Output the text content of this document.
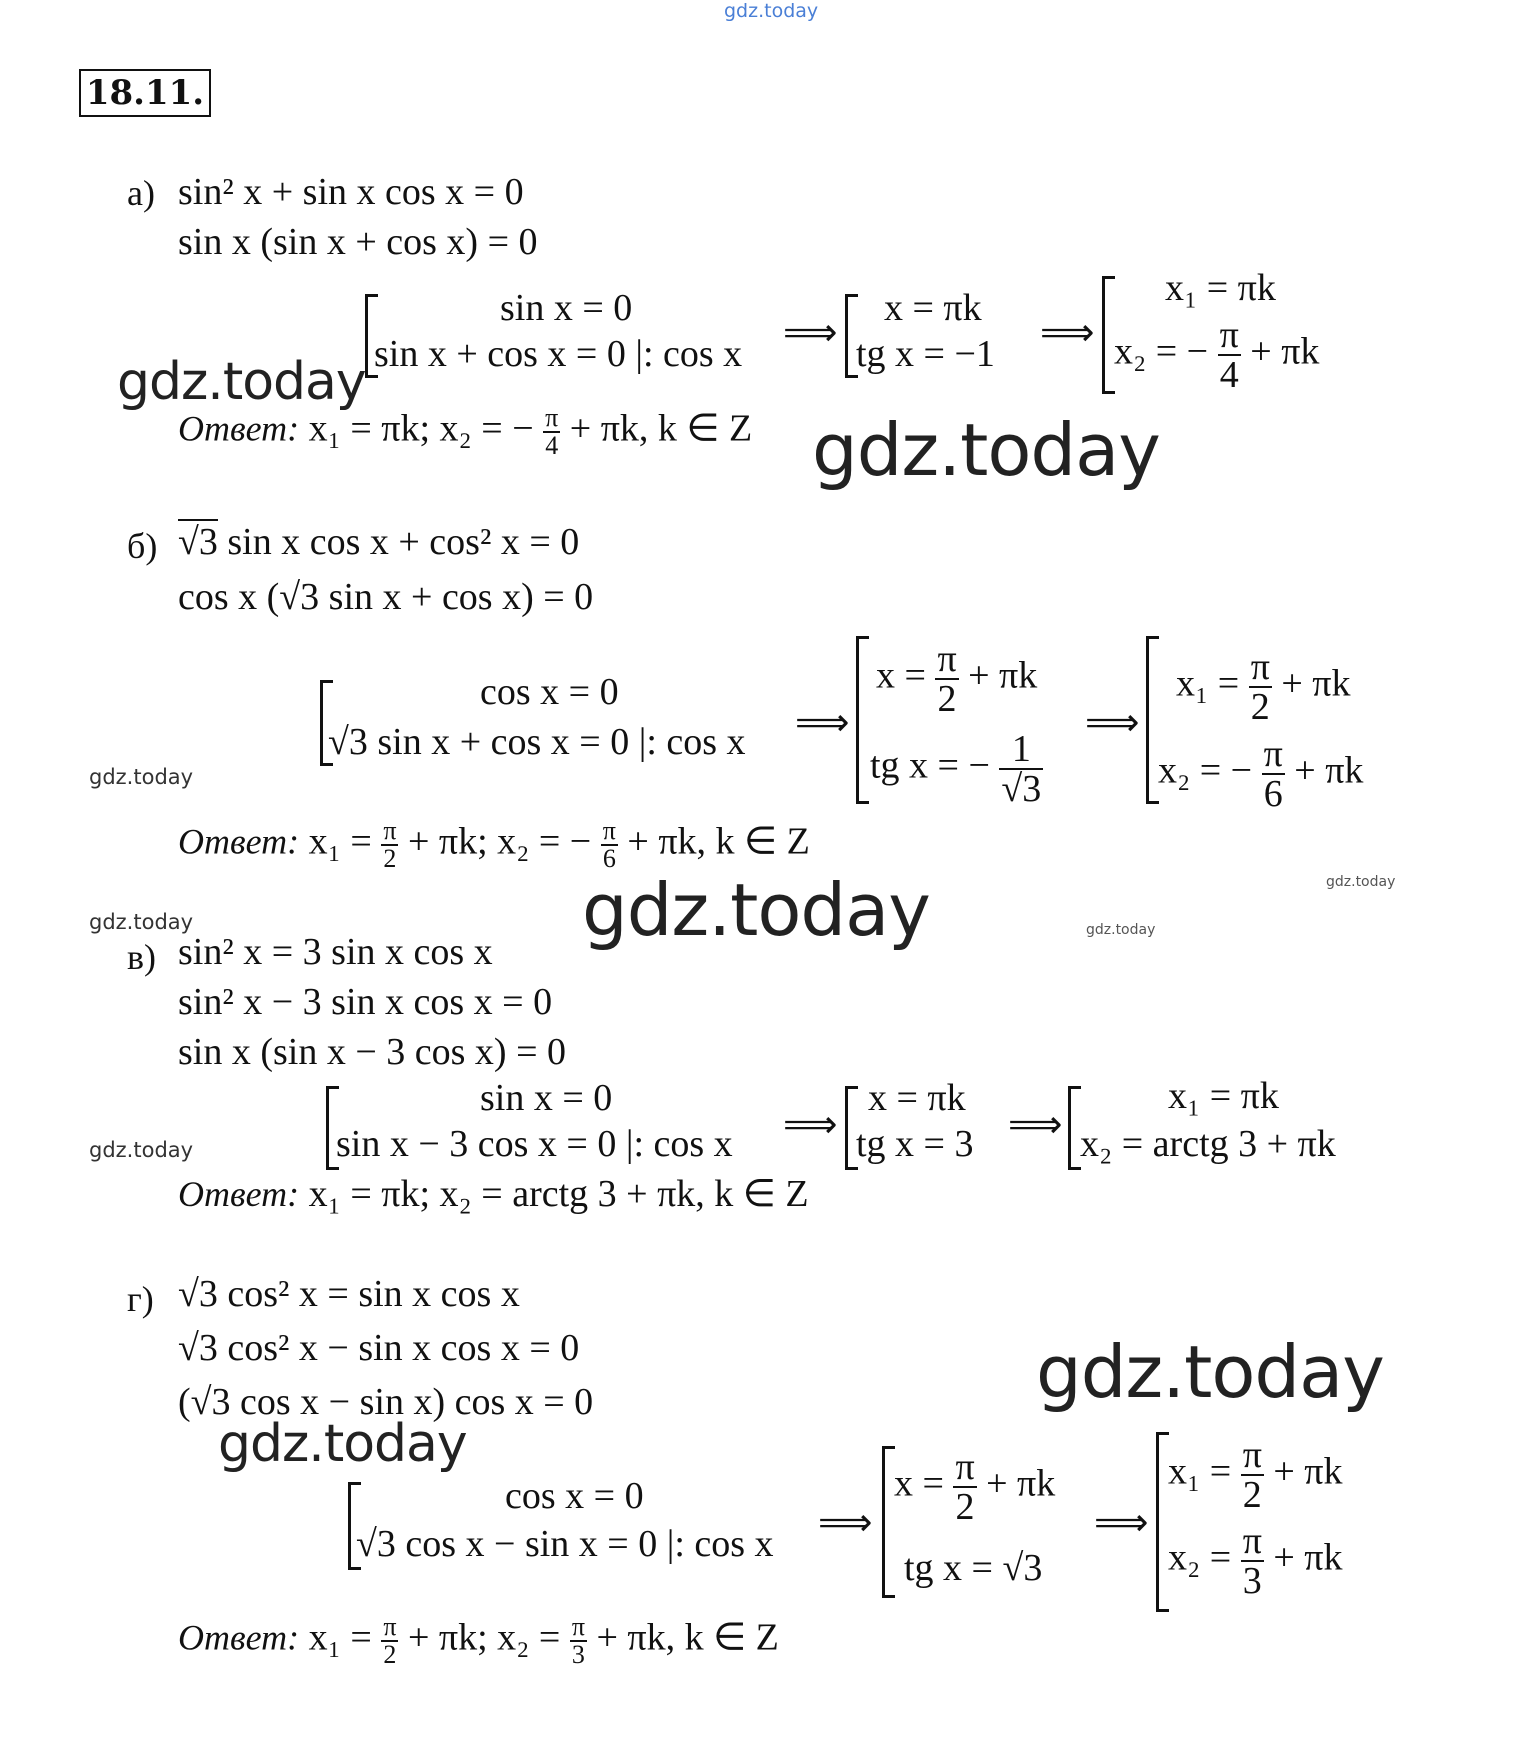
gdz.today
18.11.
а) sin² x + sin x cos x = 0
sin x (sin x + cos x) = 0
sin x = 0
sin x + cos x = 0 |: cos x ⟹
x = πk
tg x = −1 ⟹
x₁ = πk
x₂ = − $\frac{\pi}{4} + \pi k$
gdz.today
Ответ: x₁ = πk; x₂ = − $\frac{\pi}{4} + \pi k$, k ∈ Z gdz.today
б) √3 sin x cos x + cos² x = 0
cos x (√3 sin x + cos x) = 0
cos x = 0
√3 sin x + cos x = 0 |: cos x ⟹
$x = \frac{\pi}{2} + \pi k$
tg x = − $\frac{1}{√3}$
⟹
$x_1 = \frac{\pi}{2} + \pi k$
x₂ = − $\frac{\pi}{6} + \pi k$
gdz.today
Ответ: $x_1 = \frac{\pi}{2} + \pi k$; x₂ = − $\frac{\pi}{6} + \pi k$, k ∈ Z
gdz.today
gdz.today
gdz.today
в) sin² x = 3 sin x cos x
sin² x − 3 sin x cos x = 0
sin x (sin x − 3 cos x) = 0
sin x = 0
sin x − 3 cos x = 0 |: cos x ⟹
x = πk
tg x = 3 ⟹
x₁ = πk
x₂ = arctg 3 + πk
gdz.today
Ответ: x₁ = πk; x₂ = arctg 3 + πk, k ∈ Z
г) √3 cos² x = sin x cos x
√3 cos² x − sin x cos x = 0
(√3 cos x − sin x) cos x = 0	gdz.today
gdz.today
cos x = 0
√3 cos x − sin x = 0 |: cos x ⟹
$x = \frac{\pi}{2} + \pi k$
tg x = √3
⟹
$x_1 = \frac{\pi}{2} + \pi k$
$x_2 = \frac{\pi}{3} + \pi k$
Ответ: $x_1 = \frac{\pi}{2} + \pi k$; $x_2 = \frac{\pi}{3} + \pi k$, k ∈ Z
gdz.today
